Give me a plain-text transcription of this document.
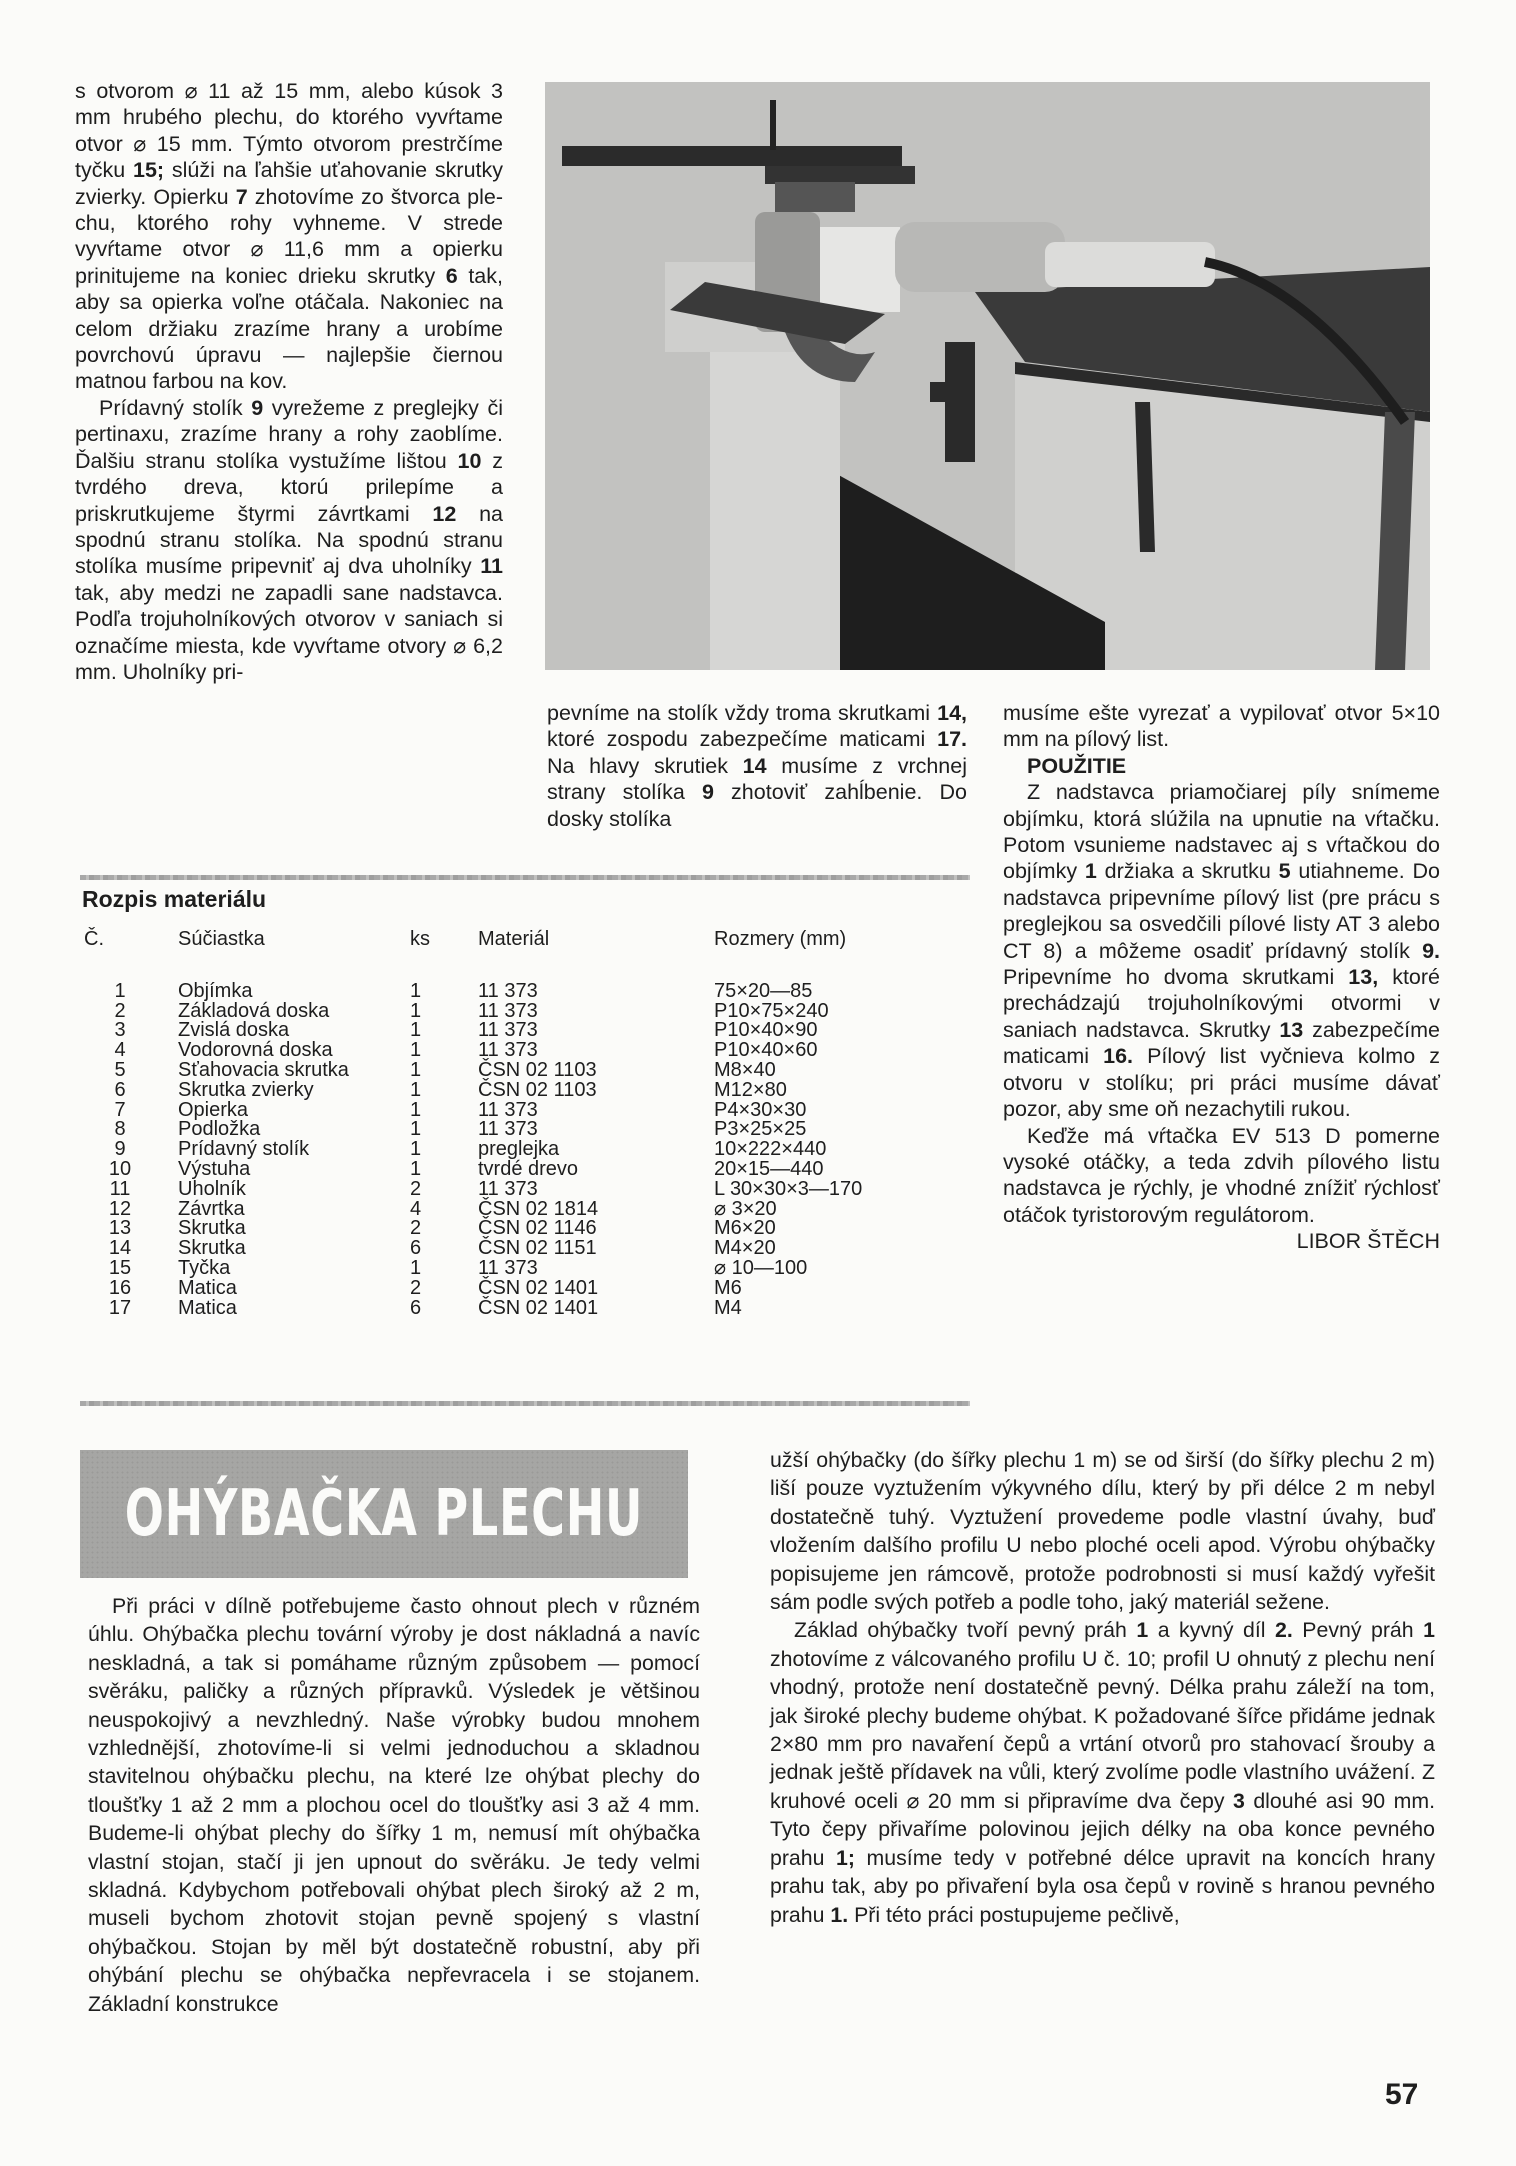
s otvorom ⌀ 11 až 15 mm, alebo kúsok 3 mm hrubého plechu, do ktorého vyvŕtame otvor ⌀ 15 mm. Týmto otvorom prestrčíme tyčku 15; slúži na ľahšie uťahovanie skrutky zvierky. Opierku 7 zhotovíme zo štvorca plechu, ktorého rohy vyhneme. V strede vyvŕtame otvor ⌀ 11,6 mm a opierku prinitujeme na koniec drieku skrutky 6 tak, aby sa opierka voľne otáčala. Nakoniec na celom držiaku zrazíme hrany a urobíme povrchovú úpravu — najlepšie čiernou matnou farbou na kov.

Prídavný stolík 9 vyrežeme z preglejky či pertinaxu, zrazíme hrany a rohy zaoblíme. Ďalšiu stranu stolíka vystužíme lištou 10 z tvrdého dreva, ktorú prilepíme a priskrutkujeme štyrmi závrtkami 12 na spodnú stranu stolíka. Na spodnú stranu stolíka musíme pripevniť aj dva uholníky 11 tak, aby medzi ne zapadli sane nadstavca. Podľa trojuholníkových otvorov v saniach si označíme miesta, kde vyvŕtame otvory ⌀ 6,2 mm. Uholníky pri-

pevníme na stolík vždy troma skrutkami 14, ktoré zospodu zabezpečíme maticami 17. Na hlavy skrutiek 14 musíme z vrchnej strany stolíka 9 zhotoviť zahĺbenie. Do dosky stolíka

musíme ešte vyrezať a vypilovať otvor 5×10 mm na pílový list.

POUŽITIE

Z nadstavca priamočiarej píly snímeme objímku, ktorá slúžila na upnutie na vŕtačku. Potom vsunieme nadstavec aj s vŕtačkou do objímky 1 držiaka a skrutku 5 utiahneme. Do nadstavca pripevníme pílový list (pre prácu s preglejkou sa osvedčili pílové listy AT 3 alebo CT 8) a môžeme osadiť prídavný stolík 9. Pripevníme ho dvoma skrutkami 13, ktoré prechádzajú trojuholníkovými otvormi v saniach nadstavca. Skrutky 13 zabezpečíme maticami 16. Pílový list vyčnieva kolmo z otvoru v stolíku; pri práci musíme dávať pozor, aby sme oň nezachytili rukou.

Keďže má vŕtačka EV 513 D pomerne vysoké otáčky, a teda zdvih pílového listu nadstavca je rýchly, je vhodné znížiť rýchlosť otáčok tyristorovým regulátorom.
LIBOR ŠTĚCH

Rozpis materiálu
Č.	Súčiastka	ks	Materiál	Rozmery (mm)
1	Objímka	1	11 373	75×20—85
2	Základová doska	1	11 373	P10×75×240
3	Zvislá doska	1	11 373	P10×40×90
4	Vodorovná doska	1	11 373	P10×40×60
5	Sťahovacia skrutka	1	ČSN 02 1103	M8×40
6	Skrutka zvierky	1	ČSN 02 1103	M12×80
7	Opierka	1	11 373	P4×30×30
8	Podložka	1	11 373	P3×25×25
9	Prídavný stolík	1	preglejka	10×222×440
10	Výstuha	1	tvrdé drevo	20×15—440
11	Uholník	2	11 373	L 30×30×3—170
12	Závrtka	4	ČSN 02 1814	⌀ 3×20
13	Skrutka	2	ČSN 02 1146	M6×20
14	Skrutka	6	ČSN 02 1151	M4×20
15	Tyčka	1	11 373	⌀ 10—100
16	Matica	2	ČSN 02 1401	M6
17	Matica	6	ČSN 02 1401	M4
OHÝBAČKA PLECHU

Při práci v dílně potřebujeme často ohnout plech v různém úhlu. Ohýbačka plechu tovární výroby je dost nákladná a navíc neskladná, a tak si pomáhame různým způsobem — pomocí svěráku, paličky a různých přípravků. Výsledek je většinou neuspokojivý a nevzhledný. Naše výrobky budou mnohem vzhlednější, zhotovíme-li si velmi jednoduchou a skladnou stavitelnou ohýbačku plechu, na které lze ohýbat plechy do tloušťky 1 až 2 mm a plochou ocel do tloušťky asi 3 až 4 mm. Budeme-li ohýbat plechy do šířky 1 m, nemusí mít ohýbačka vlastní stojan, stačí ji jen upnout do svěráku. Je tedy velmi skladná. Kdybychom potřebovali ohýbat plech široký až 2 m, museli bychom zhotovit stojan pevně spojený s vlastní ohýbačkou. Stojan by měl být dostatečně robustní, aby při ohýbání plechu se ohýbačka nepřevracela i se stojanem. Základní konstrukce

užší ohýbačky (do šířky plechu 1 m) se od širší (do šířky plechu 2 m) liší pouze vyztužením výkyvného dílu, který by při délce 2 m nebyl dostatečně tuhý. Vyztužení provedeme podle vlastní úvahy, buď vložením dalšího profilu U nebo ploché oceli apod. Výrobu ohýbačky popisujeme jen rámcově, protože podrobnosti si musí každý vyřešit sám podle svých potřeb a podle toho, jaký materiál sežene.

Základ ohýbačky tvoří pevný práh 1 a kyvný díl 2. Pevný práh 1 zhotovíme z válcovaného profilu U č. 10; profil U ohnutý z plechu není vhodný, protože není dostatečně pevný. Délka prahu záleží na tom, jak široké plechy budeme ohýbat. K požadované šířce přidáme jednak 2×80 mm pro navaření čepů a vrtání otvorů pro stahovací šrouby a jednak ještě přídavek na vůli, který zvolíme podle vlastního uvážení. Z kruhové oceli ⌀ 20 mm si připravíme dva čepy 3 dlouhé asi 90 mm. Tyto čepy přivaříme polovinou jejich délky na oba konce pevného prahu 1; musíme tedy v potřebné délce upravit na koncích hrany prahu tak, aby po přivaření byla osa čepů v rovině s hranou pevného prahu 1. Při této práci postupujeme pečlivě,

57
